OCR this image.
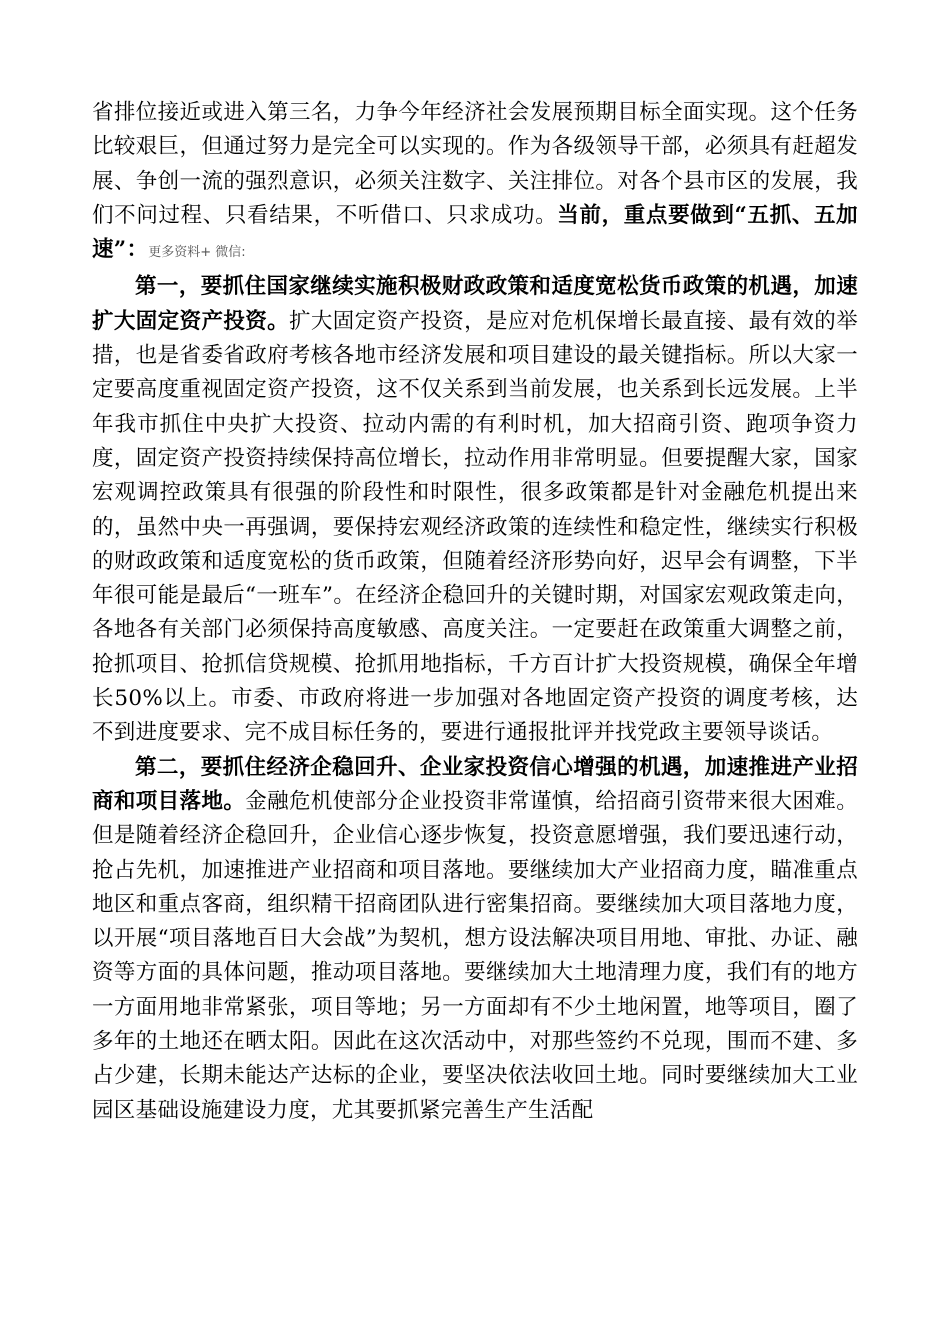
省排位接近或进入第三名，力争今年经济社会发展预期目标全面实现。这个任务比较艰巨，但通过努力是完全可以实现的。作为各级领导干部，必须具有赶超发展、争创一流的强烈意识，必须关注数字、关注排位。对各个县市区的发展，我们不问过程、只看结果，不听借口、只求成功。当前，重点要做到“五抓、五加速”：更多资料+ 微信:

第一，要抓住国家继续实施积极财政政策和适度宽松货币政策的机遇，加速扩大固定资产投资。扩大固定资产投资，是应对危机保增长最直接、最有效的举措，也是省委省政府考核各地市经济发展和项目建设的最关键指标。所以大家一定要高度重视固定资产投资，这不仅关系到当前发展，也关系到长远发展。上半年我市抓住中央扩大投资、拉动内需的有利时机，加大招商引资、跑项争资力度，固定资产投资持续保持高位增长，拉动作用非常明显。但要提醒大家，国家宏观调控政策具有很强的阶段性和时限性，很多政策都是针对金融危机提出来的，虽然中央一再强调，要保持宏观经济政策的连续性和稳定性，继续实行积极的财政政策和适度宽松的货币政策，但随着经济形势向好，迟早会有调整，下半年很可能是最后“一班车”。在经济企稳回升的关键时期，对国家宏观政策走向，各地各有关部门必须保持高度敏感、高度关注。一定要赶在政策重大调整之前，抢抓项目、抢抓信贷规模、抢抓用地指标，千方百计扩大投资规模，确保全年增长50%以上。市委、市政府将进一步加强对各地固定资产投资的调度考核，达不到进度要求、完不成目标任务的，要进行通报批评并找党政主要领导谈话。

第二，要抓住经济企稳回升、企业家投资信心增强的机遇，加速推进产业招商和项目落地。金融危机使部分企业投资非常谨慎，给招商引资带来很大困难。但是随着经济企稳回升，企业信心逐步恢复，投资意愿增强，我们要迅速行动，抢占先机，加速推进产业招商和项目落地。要继续加大产业招商力度，瞄准重点地区和重点客商，组织精干招商团队进行密集招商。要继续加大项目落地力度，以开展“项目落地百日大会战”为契机，想方设法解决项目用地、审批、办证、融资等方面的具体问题，推动项目落地。要继续加大土地清理力度，我们有的地方一方面用地非常紧张，项目等地；另一方面却有不少土地闲置，地等项目，圈了多年的土地还在晒太阳。因此在这次活动中，对那些签约不兑现，围而不建、多占少建，长期未能达产达标的企业，要坚决依法收回土地。同时要继续加大工业园区基础设施建设力度，尤其要抓紧完善生产生活配
